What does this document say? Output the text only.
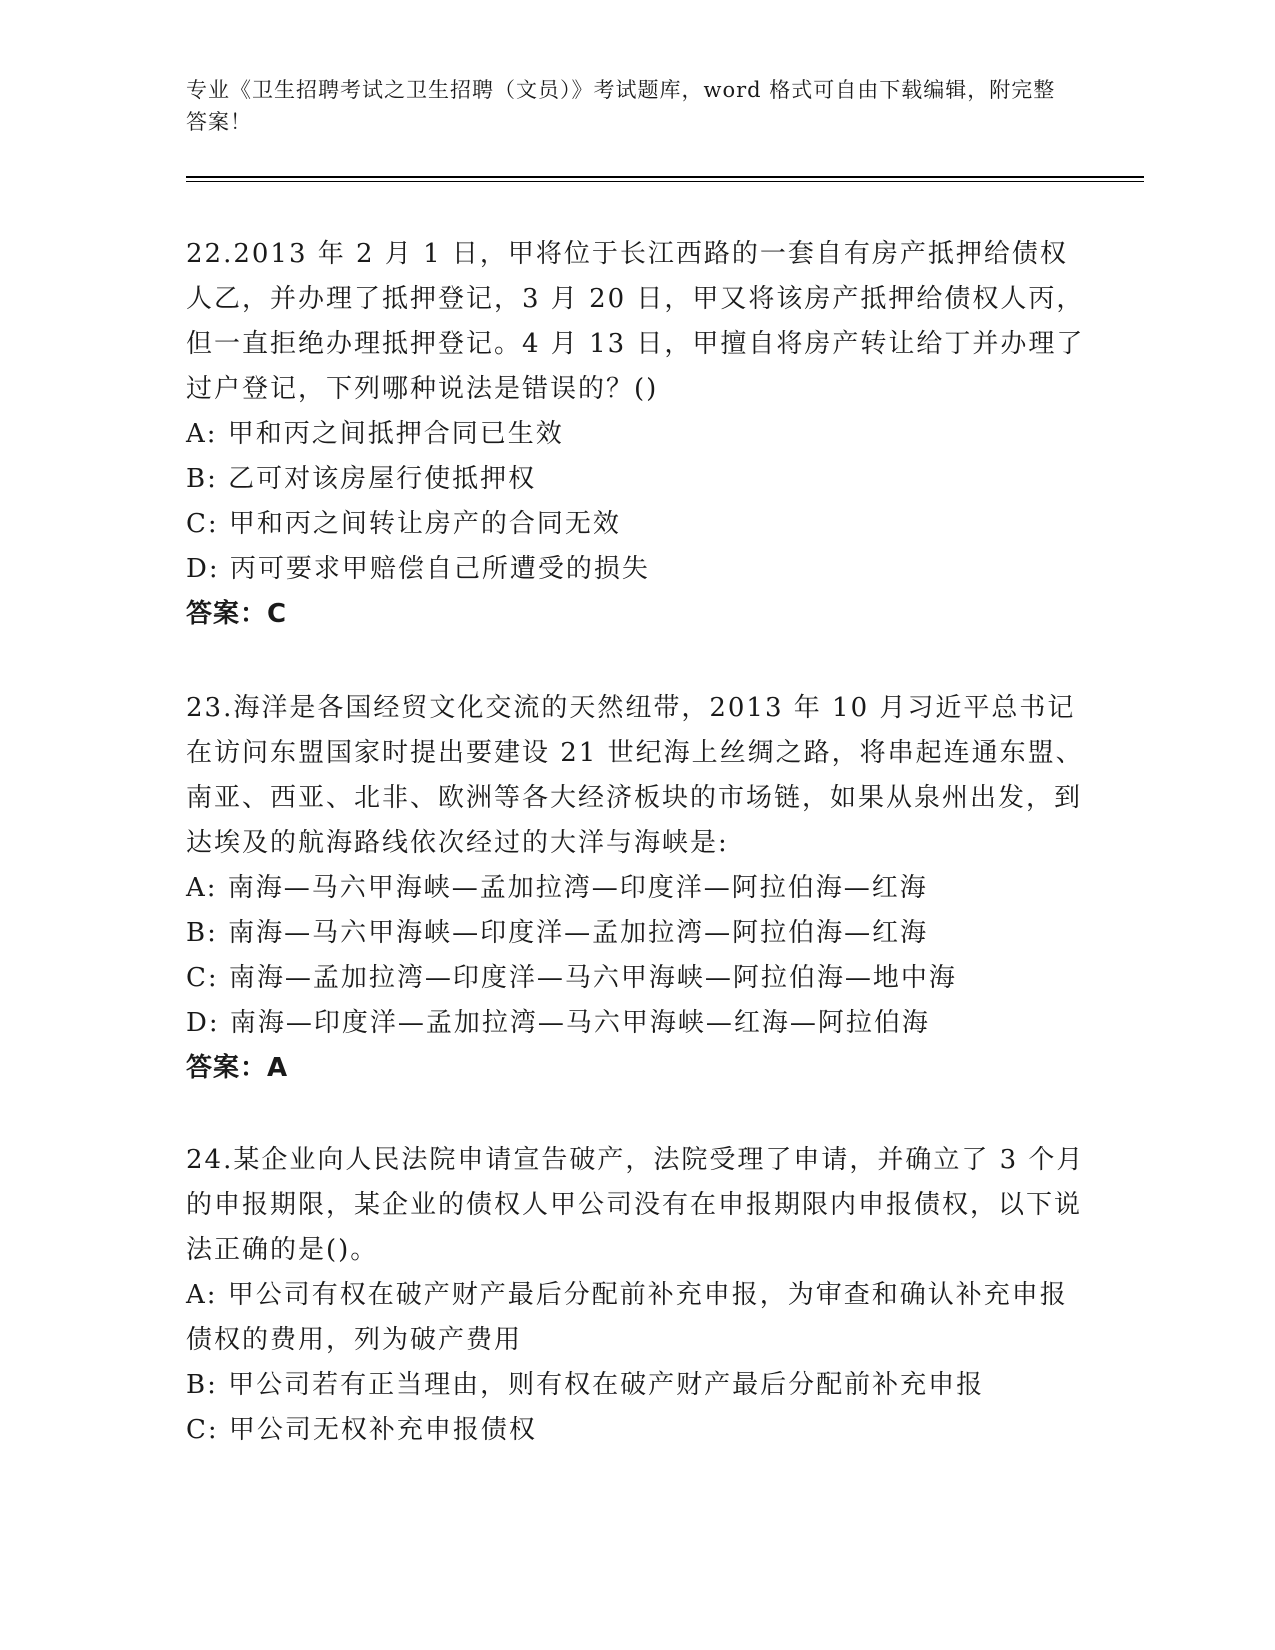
专业《卫生招聘考试之卫生招聘（文员）》考试题库，word 格式可自由下载编辑，附完整答案！

22.2013 年 2 月 1 日，甲将位于长江西路的一套自有房产抵押给债权人乙，并办理了抵押登记，3 月 20 日，甲又将该房产抵押给债权人丙，但一直拒绝办理抵押登记。4 月 13 日，甲擅自将房产转让给丁并办理了过户登记，下列哪种说法是错误的？()

A: 甲和丙之间抵押合同已生效

B: 乙可对该房屋行使抵押权

C: 甲和丙之间转让房产的合同无效

D: 丙可要求甲赔偿自己所遭受的损失

答案：C

23.海洋是各国经贸文化交流的天然纽带，2013 年 10 月习近平总书记在访问东盟国家时提出要建设 21 世纪海上丝绸之路，将串起连通东盟、南亚、西亚、北非、欧洲等各大经济板块的市场链，如果从泉州出发，到达埃及的航海路线依次经过的大洋与海峡是:

A: 南海—马六甲海峡—孟加拉湾—印度洋—阿拉伯海—红海

B: 南海—马六甲海峡—印度洋—孟加拉湾—阿拉伯海—红海

C: 南海—孟加拉湾—印度洋—马六甲海峡—阿拉伯海—地中海

D: 南海—印度洋—孟加拉湾—马六甲海峡—红海—阿拉伯海

答案：A

24.某企业向人民法院申请宣告破产，法院受理了申请，并确立了 3 个月的申报期限，某企业的债权人甲公司没有在申报期限内申报债权，以下说法正确的是()。

A: 甲公司有权在破产财产最后分配前补充申报，为审查和确认补充申报债权的费用，列为破产费用

B: 甲公司若有正当理由，则有权在破产财产最后分配前补充申报

C: 甲公司无权补充申报债权
